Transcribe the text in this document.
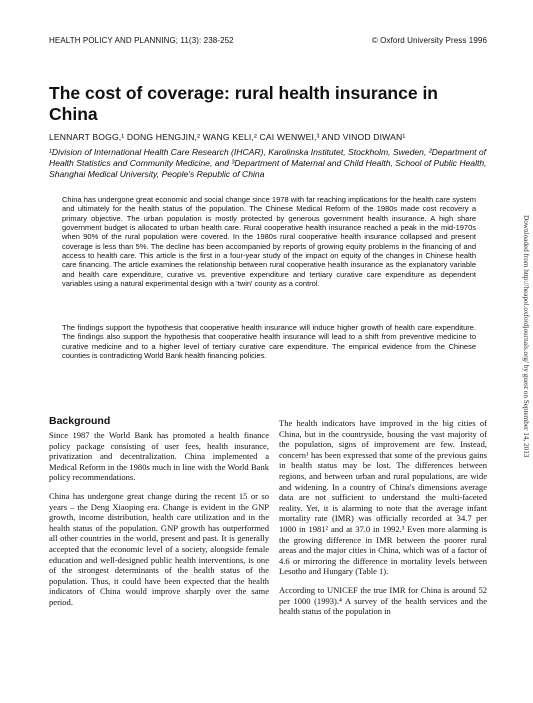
HEALTH POLICY AND PLANNING; 11(3): 238-252	© Oxford University Press 1996
The cost of coverage: rural health insurance in China
LENNART BOGG,¹ DONG HENGJIN,² WANG KELI,² CAI WENWEI,³ AND VINOD DIWAN¹
¹Division of International Health Care Research (IHCAR), Karolinska Institutet, Stockholm, Sweden, ²Department of Health Statistics and Community Medicine, and ³Department of Maternal and Child Health, School of Public Health, Shanghai Medical University, People's Republic of China
China has undergone great economic and social change since 1978 with far reaching implications for the health care system and ultimately for the health status of the population. The Chinese Medical Reform of the 1980s made cost recovery a primary objective. The urban population is mostly protected by generous government health insurance. A high share government budget is allocated to urban health care. Rural cooperative health insurance reached a peak in the mid-1970s when 90% of the rural population were covered. In the 1980s rural cooperative health insurance collapsed and present coverage is less than 5%. The decline has been accompanied by reports of growing equity problems in the financing of and access to health care. This article is the first in a four-year study of the impact on equity of the changes in Chinese health care financing. The article examines the relationship between rural cooperative health insurance as the explanatory variable and health care expenditure, curative vs. preventive expenditure and tertiary curative care expenditure as dependent variables using a natural experimental design with a 'twin' county as a control.
The findings support the hypothesis that cooperative health insurance will induce higher growth of health care expenditure. The findings also support the hypothesis that cooperative health insurance will lead to a shift from preventive medicine to curative medicine and to a higher level of tertiary curative care expenditure. The empirical evidence from the Chinese counties is contradicting World Bank health financing policies.	Downloaded from http://heapol.oxfordjournals.org/ by guest on September 14, 2013
Background

Since 1987 the World Bank has promoted a health finance policy package consisting of user fees, health insurance, privatization and decentralization. China implemented a Medical Reform in the 1980s much in line with the World Bank policy recommendations.

China has undergone great change during the recent 15 or so years – the Deng Xiaoping era. Change is evident in the GNP growth, income distribution, health care utilization and in the health status of the population. GNP growth has outperformed all other countries in the world, present and past. It is generally accepted that the economic level of a society, alongside female education and well-designed public health interventions, is one of the strongest determinants of the health status of the population. Thus, it could have been expected that the health indicators of China would improve sharply over the same period.

The health indicators have improved in the big cities of China, but in the countryside, housing the vast majority of the population, signs of improvement are few. Instead, concern¹ has been expressed that some of the previous gains in health status may be lost. The differences between regions, and between urban and rural populations, are wide and widening. In a country of China's dimensions average data are not sufficient to understand the multi-faceted reality. Yet, it is alarming to note that the average infant mortality rate (IMR) was officially recorded at 34.7 per 1000 in 1981² and at 37.0 in 1992.³ Even more alarming is the growing difference in IMR between the poorer rural areas and the major cities in China, which was of a factor of 4.6 or mirroring the difference in mortality levels between Lesotho and Hungary (Table 1).

According to UNICEF the true IMR for China is around 52 per 1000 (1993).⁴ A survey of the health services and the health status of the population in
